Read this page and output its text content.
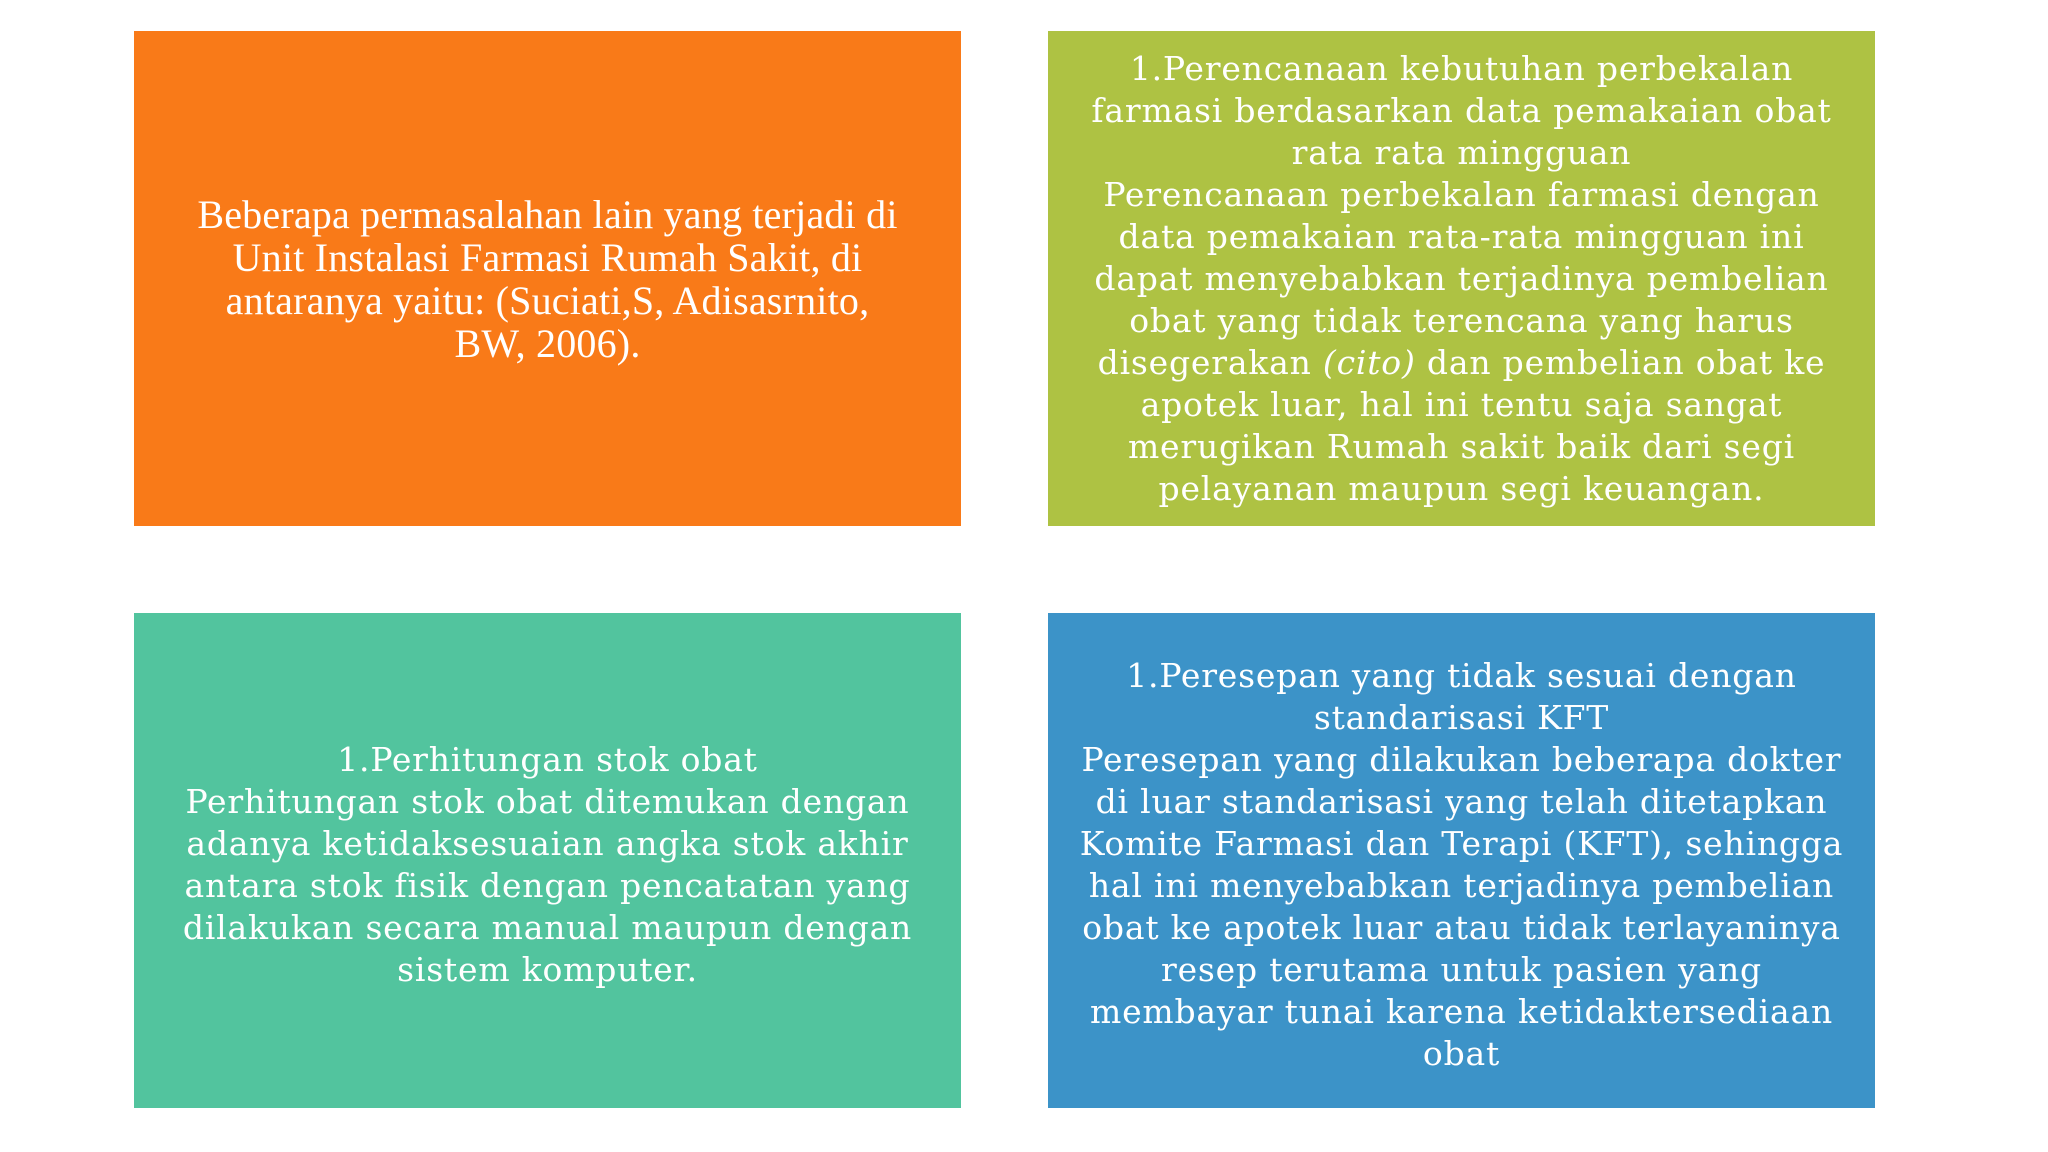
Beberapa permasalahan lain yang terjadi di
Unit Instalasi Farmasi Rumah Sakit, di
antaranya yaitu: (Suciati,S, Adisasrnito,
BW, 2006).
1.Perencanaan kebutuhan perbekalan
farmasi berdasarkan data pemakaian obat
rata rata mingguan
Perencanaan perbekalan farmasi dengan
data pemakaian rata-rata mingguan ini
dapat menyebabkan terjadinya pembelian
obat yang tidak terencana yang harus
disegerakan (cito) dan pembelian obat ke
apotek luar, hal ini tentu saja sangat
merugikan Rumah sakit baik dari segi
pelayanan maupun segi keuangan.
1.Perhitungan stok obat
Perhitungan stok obat ditemukan dengan
adanya ketidaksesuaian angka stok akhir
antara stok fisik dengan pencatatan yang
dilakukan secara manual maupun dengan
sistem komputer.
1.Peresepan yang tidak sesuai dengan
standarisasi KFT
Peresepan yang dilakukan beberapa dokter
di luar standarisasi yang telah ditetapkan
Komite Farmasi dan Terapi (KFT), sehingga
hal ini menyebabkan terjadinya pembelian
obat ke apotek luar atau tidak terlayaninya
resep terutama untuk pasien yang
membayar tunai karena ketidaktersediaan
obat
